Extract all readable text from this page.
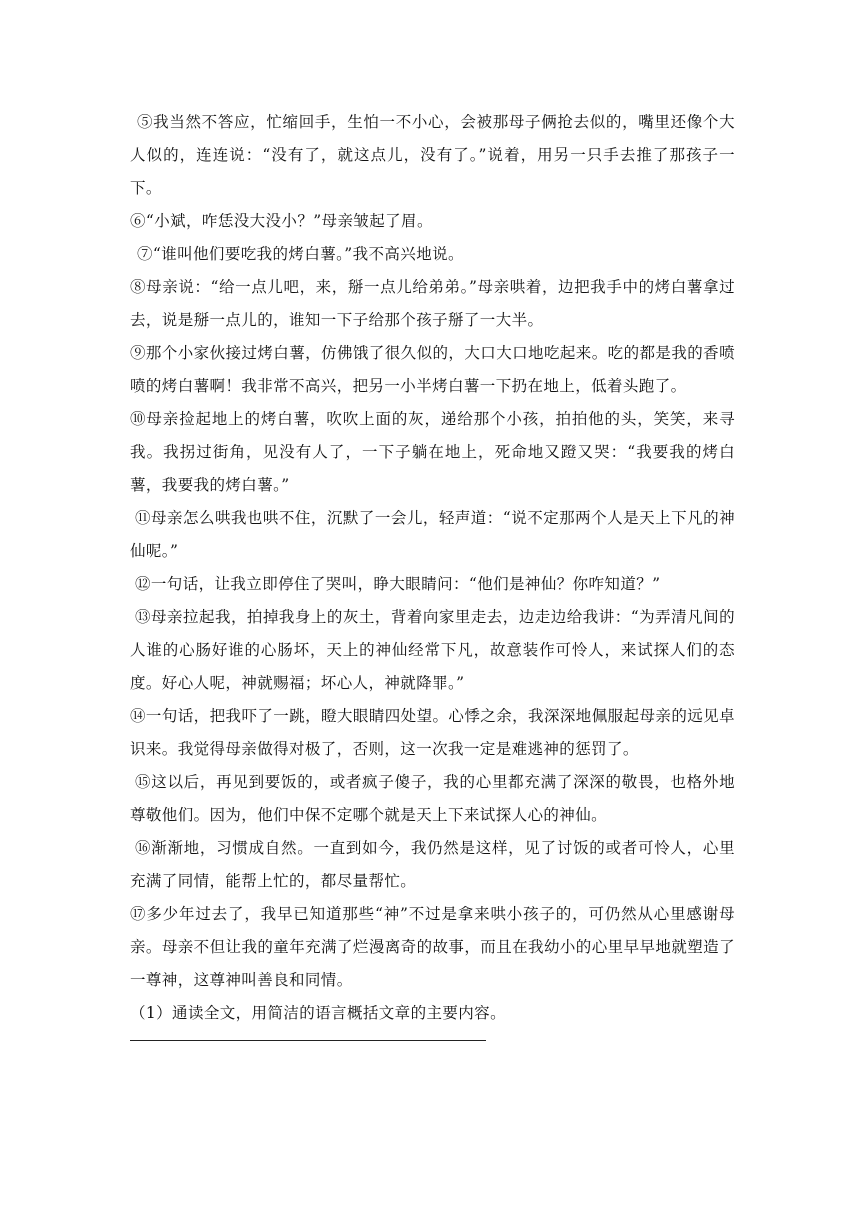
⑤我当然不答应，忙缩回手，生怕一不小心，会被那母子俩抢去似的，嘴里还像个大人似的，连连说：“没有了，就这点儿，没有了。”说着，用另一只手去推了那孩子一下。

⑥“小斌，咋恁没大没小？”母亲皱起了眉。

⑦“谁叫他们要吃我的烤白薯。”我不高兴地说。

⑧母亲说：“给一点儿吧，来，掰一点儿给弟弟。”母亲哄着，边把我手中的烤白薯拿过去，说是掰一点儿的，谁知一下子给那个孩子掰了一大半。

⑨那个小家伙接过烤白薯，仿佛饿了很久似的，大口大口地吃起来。吃的都是我的香喷喷的烤白薯啊！我非常不高兴，把另一小半烤白薯一下扔在地上，低着头跑了。

⑩母亲捡起地上的烤白薯，吹吹上面的灰，递给那个小孩，拍拍他的头，笑笑，来寻我。我拐过街角，见没有人了，一下子躺在地上，死命地又蹬又哭：“我要我的烤白薯，我要我的烤白薯。”

⑪母亲怎么哄我也哄不住，沉默了一会儿，轻声道：“说不定那两个人是天上下凡的神仙呢。”

⑫一句话，让我立即停住了哭叫，睁大眼睛问：“他们是神仙？你咋知道？”

⑬母亲拉起我，拍掉我身上的灰土，背着向家里走去，边走边给我讲：“为弄清凡间的人谁的心肠好谁的心肠坏，天上的神仙经常下凡，故意装作可怜人，来试探人们的态度。好心人呢，神就赐福；坏心人，神就降罪。”

⑭一句话，把我吓了一跳，瞪大眼睛四处望。心悸之余，我深深地佩服起母亲的远见卓识来。我觉得母亲做得对极了，否则，这一次我一定是难逃神的惩罚了。

⑮这以后，再见到要饭的，或者疯子傻子，我的心里都充满了深深的敬畏，也格外地尊敬他们。因为，他们中保不定哪个就是天上下来试探人心的神仙。

⑯渐渐地，习惯成自然。一直到如今，我仍然是这样，见了讨饭的或者可怜人，心里充满了同情，能帮上忙的，都尽量帮忙。

⑰多少年过去了，我早已知道那些“神”不过是拿来哄小孩子的，可仍然从心里感谢母亲。母亲不但让我的童年充满了烂漫离奇的故事，而且在我幼小的心里早早地就塑造了一尊神，这尊神叫善良和同情。

（1）通读全文，用简洁的语言概括文章的主要内容。
